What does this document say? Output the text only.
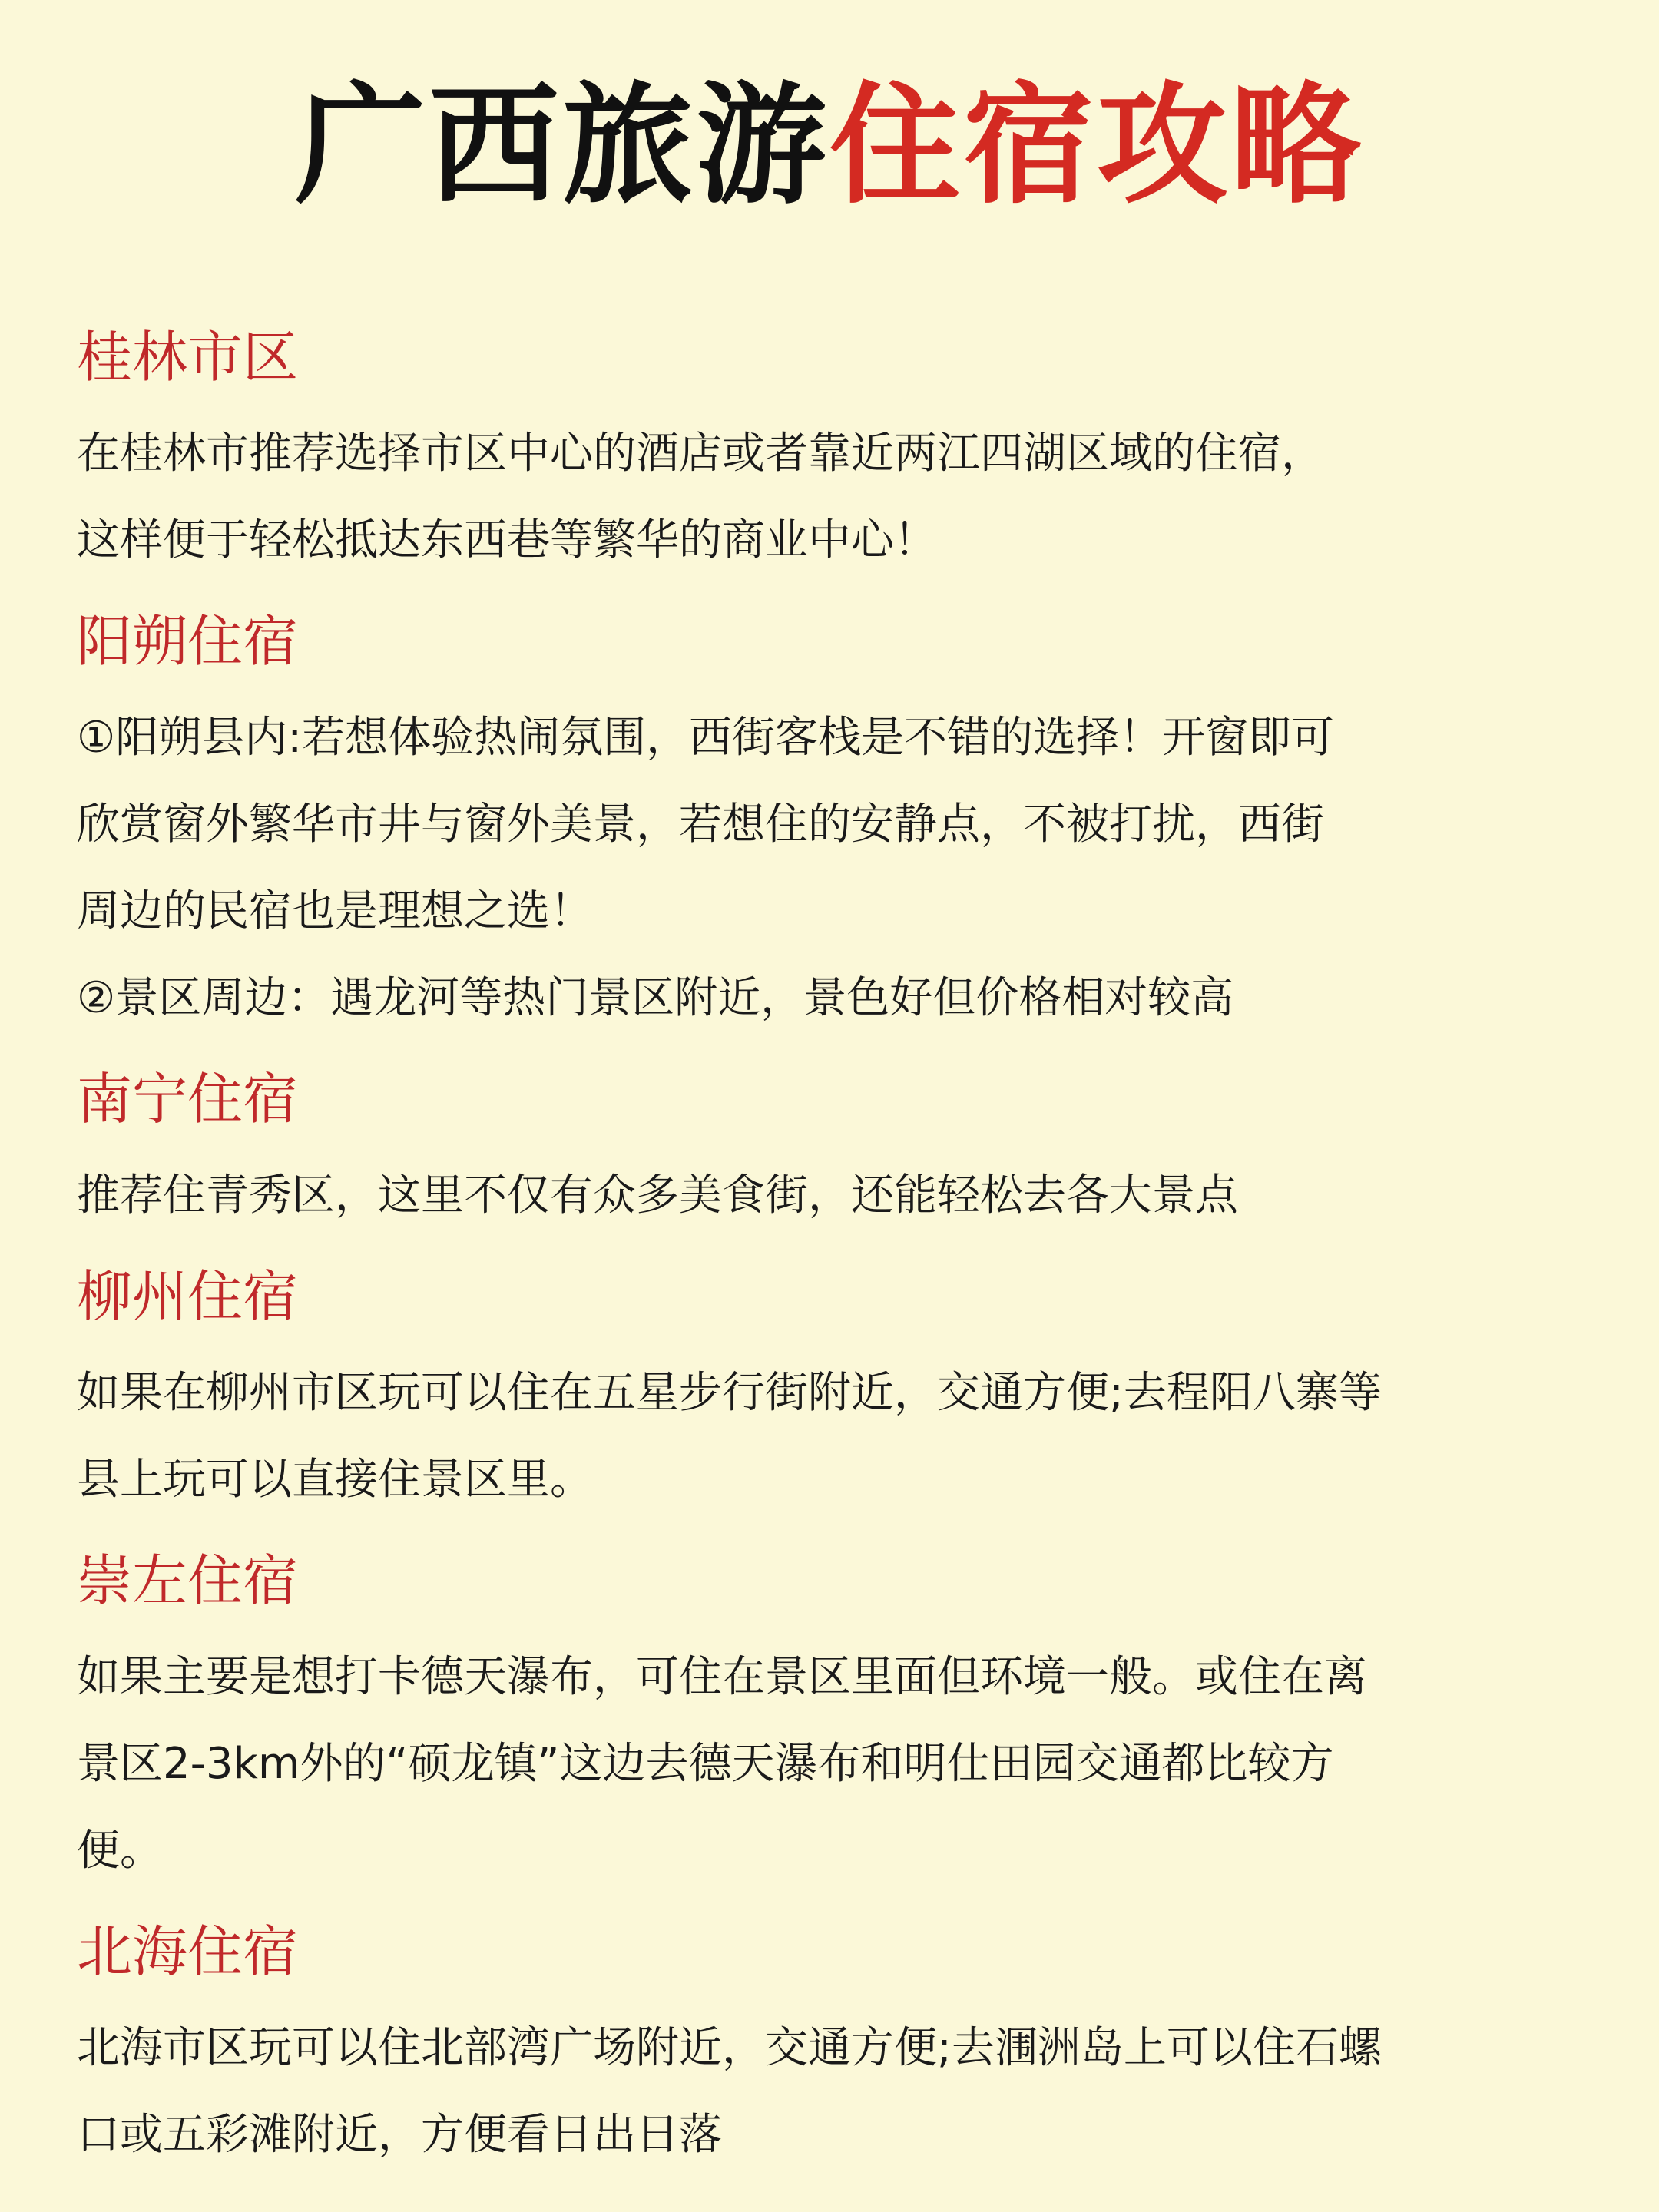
广西旅游住宿攻略
桂林市区
在桂林市推荐选择市区中心的酒店或者靠近两江四湖区域的住宿，
这样便于轻松抵达东西巷等繁华的商业中心！
阳朔住宿
①阳朔县内:若想体验热闹氛围，西街客栈是不错的选择！开窗即可
欣赏窗外繁华市井与窗外美景，若想住的安静点，不被打扰，西街
周边的民宿也是理想之选！
②景区周边：遇龙河等热门景区附近，景色好但价格相对较高
南宁住宿
推荐住青秀区，这里不仅有众多美食街，还能轻松去各大景点
柳州住宿
如果在柳州市区玩可以住在五星步行街附近，交通方便;去程阳八寨等
县上玩可以直接住景区里。
崇左住宿
如果主要是想打卡德天瀑布，可住在景区里面但环境一般。或住在离
景区2-3km外的“硕龙镇”这边去德天瀑布和明仕田园交通都比较方
便。
北海住宿
北海市区玩可以住北部湾广场附近，交通方便;去涠洲岛上可以住石螺
口或五彩滩附近，方便看日出日落
